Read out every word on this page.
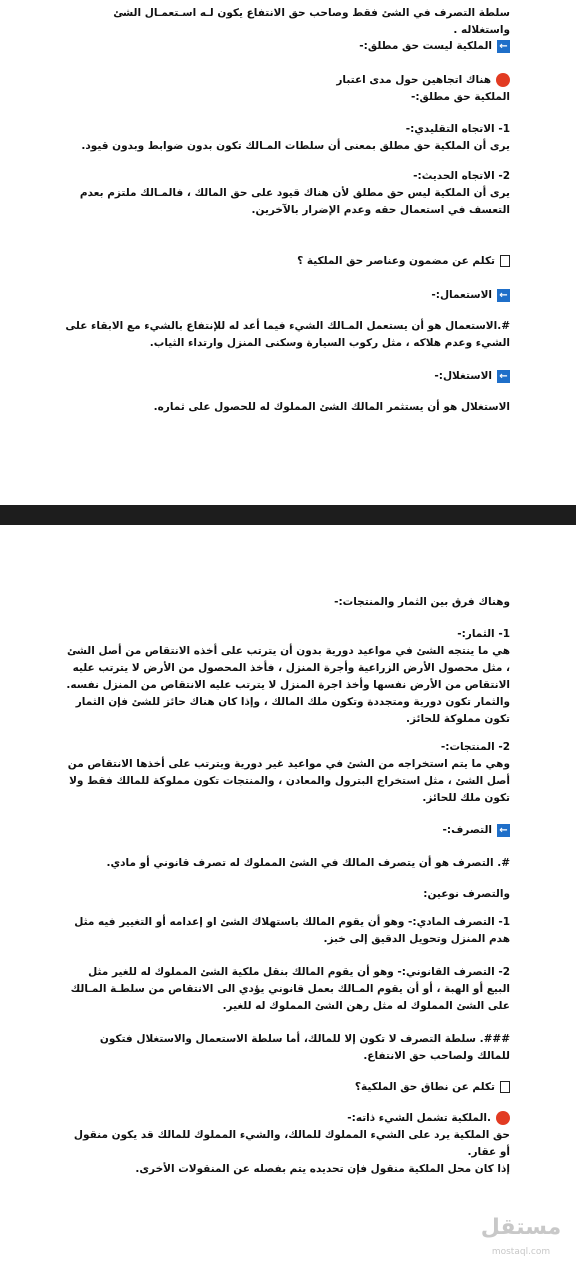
سلطة التصرف في الشئ فقط وصاحب حق الانتفاع يكون لـه اسـتعمـال الشئ واستغلاله .

←الملكية ليست حق مطلق:-

هناك اتجاهين حول مدى اعتبار

الملكية حق مطلق:-

1- الاتجاه التقليدي:-

يرى أن الملكية حق مطلق بمعنى أن سلطات المـالك تكون بدون ضوابط وبدون قيود.

2- الاتجاه الحديث:-

يرى أن الملكية ليس حق مطلق لأن هناك قيود على حق المالك ، فالمـالك ملتزم بعدم التعسف في استعمال حقه وعدم الإضرار بالآخرين.

تكلم عن مضمون وعناصر حق الملكية ؟
←الاستعمال:-

#.الاستعمال هو أن يستعمل المـالك الشيء فيما أعد له للإنتفاع بالشيء مع الابقاء على الشيء وعدم هلاكه ، مثل ركوب السيارة وسكنى المنزل وارتداء الثياب.

←الاستغلال:-

الاستغلال هو أن يستثمر المالك الشئ المملوك له للحصول على ثماره.

وهناك فرق بين الثمار والمنتجات:-

1- الثمار:-

هي ما ينتجه الشئ في مواعيد دورية بدون أن يترتب على أخذه الانتقاص من أصل الشئ ، مثل محصول الأرض الزراعية وأجرة المنزل ، فأخذ المحصول من الأرض لا يترتب عليه الانتقاص من الأرض نفسها وأخذ اجرة المنزل لا يترتب عليه الانتقاص من المنزل نفسه. والثمار تكون دورية ومتجددة وتكون ملك المالك ، وإذا كان هناك حائز للشئ فإن الثمار تكون مملوكة للحائز.

2- المنتجات:-

وهي ما يتم استخراجه من الشئ في مواعيد غير دورية ويترتب على أخذها الانتقاص من أصل الشئ ، مثل استخراج البترول والمعادن ، والمنتجات تكون مملوكة للمالك فقط ولا تكون ملك للحائز.

←التصرف:-

#. التصرف هو أن يتصرف المالك في الشئ المملوك له تصرف قانوني أو مادي.

والتصرف نوعين:

1- التصرف المادي:- وهو أن يقوم المالك باستهلاك الشئ او إعدامه أو التغيير فيه مثل هدم المنزل وتحويل الدقيق إلى خبز.

2- التصرف القانوني:- وهو أن يقوم المالك بنقل ملكية الشئ المملوك له للغير مثل البيع أو الهبة ، أو أن يقوم المـالك بعمل قانوني يؤدي الى الانتقاص من سلطـة المـالك على الشئ المملوك له مثل رهن الشئ المملوك له للغير.

###. سلطة التصرف لا تكون إلا للمالك، أما سلطة الاستعمال والاستغلال فتكون للمالك ولصاحب حق الانتفاع.

تكلم عن نطاق حق الملكية؟

.الملكية تشمل الشيء ذاته:-

حق الملكية يرد على الشيء المملوك للمالك، والشيء المملوك للمالك قد يكون منقول أو عقار.

إذا كان محل الملكية منقول فإن تحديده يتم بفصله عن المنقولات الأخرى.

مستقل
mostaql.com
